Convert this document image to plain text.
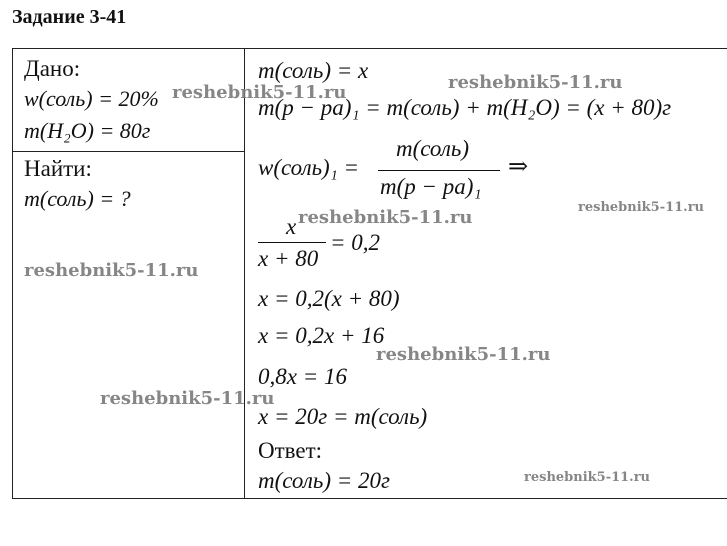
Задание 3-41
Дано:
w(соль) = 20%
m(H₂O) = 80г
Найти:
m(соль) = ?
m(соль) = x
m(р − ра)₁ = m(соль) + m(H₂O) = (x + 80)г
w(соль)₁ =
m(соль)
m(р − ра)₁
⇒
x
x + 80
= 0,2
x = 0,2(x + 80)
x = 0,2x + 16
0,8x = 16
x = 20г = m(соль)
Ответ:
m(соль) = 20г
reshebnik5-11.ru	reshebnik5-11.ru
reshebnik5-11.ru
reshebnik5-11.ru
reshebnik5-11.ru
reshebnik5-11.ru
reshebnik5-11.ru
reshebnik5-11.ru
